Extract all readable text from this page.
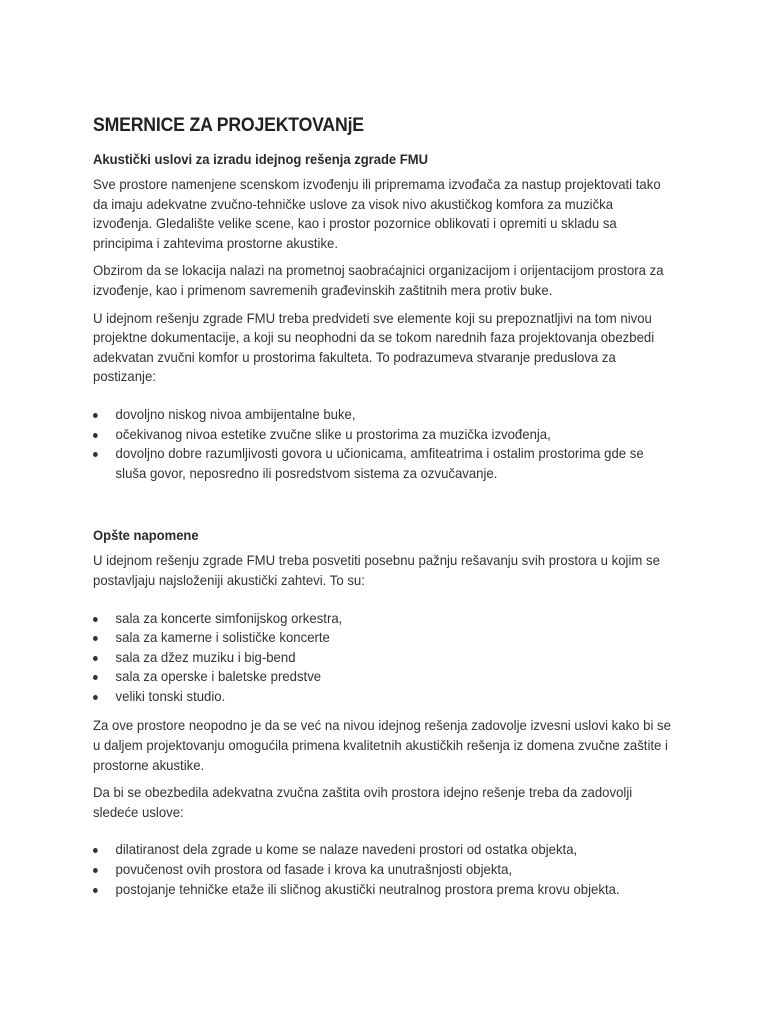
SMERNICE ZA PROJEKTOVANjE
Akustički uslovi za izradu idejnog rešenja zgrade FMU

Sve prostore namenjene scenskom izvođenju ili pripremama izvođača za nastup projektovati tako da imaju adekvatne zvučno-tehničke uslove za visok nivo akustičkog komfora za muzička izvođenja. Gledalište velike scene, kao i prostor pozornice oblikovati i opremiti u skladu sa principima i zahtevima prostorne akustike.

Obzirom da se lokacija nalazi na prometnoj saobraćajnici organizacijom i orijentacijom prostora za izvođenje, kao i primenom savremenih građevinskih zaštitnih mera protiv buke.

U idejnom rešenju zgrade FMU treba predvideti sve elemente koji su prepoznatljivi na tom nivou projektne dokumentacije, a koji su neophodni da se tokom narednih faza projektovanja obezbedi adekvatan zvučni komfor u prostorima fakulteta. To podrazumeva stvaranje preduslova za postizanje:

dovoljno niskog nivoa ambijentalne buke,
očekivanog nivoa estetike zvučne slike u prostorima za muzička izvođenja,
dovoljno dobre razumljivosti govora u učionicama, amfiteatrima i ostalim prostorima gde se sluša govor, neposredno ili posredstvom sistema za ozvučavanje.
Opšte napomene

U idejnom rešenju zgrade FMU treba posvetiti posebnu pažnju rešavanju svih prostora u kojim se postavljaju najsloženiji akustički zahtevi. To su:

sala za koncerte simfonijskog orkestra,
sala za kamerne i solističke koncerte
sala za džez muziku i big-bend
sala za operske i baletske predstve
veliki tonski studio.

Za ove prostore neopodno je da se već na nivou idejnog rešenja zadovolje izvesni uslovi kako bi se u daljem projektovanju omogućila primena kvalitetnih akustičkih rešenja iz domena zvučne zaštite i prostorne akustike.

Da bi se obezbedila adekvatna zvučna zaštita ovih prostora idejno rešenje treba da zadovolji sledeće uslove:

dilatiranost dela zgrade u kome se nalaze navedeni prostori od ostatka objekta,
povučenost ovih prostora od fasade i krova ka unutrašnjosti objekta,
postojanje tehničke etaže ili sličnog akustički neutralnog prostora prema krovu objekta.
